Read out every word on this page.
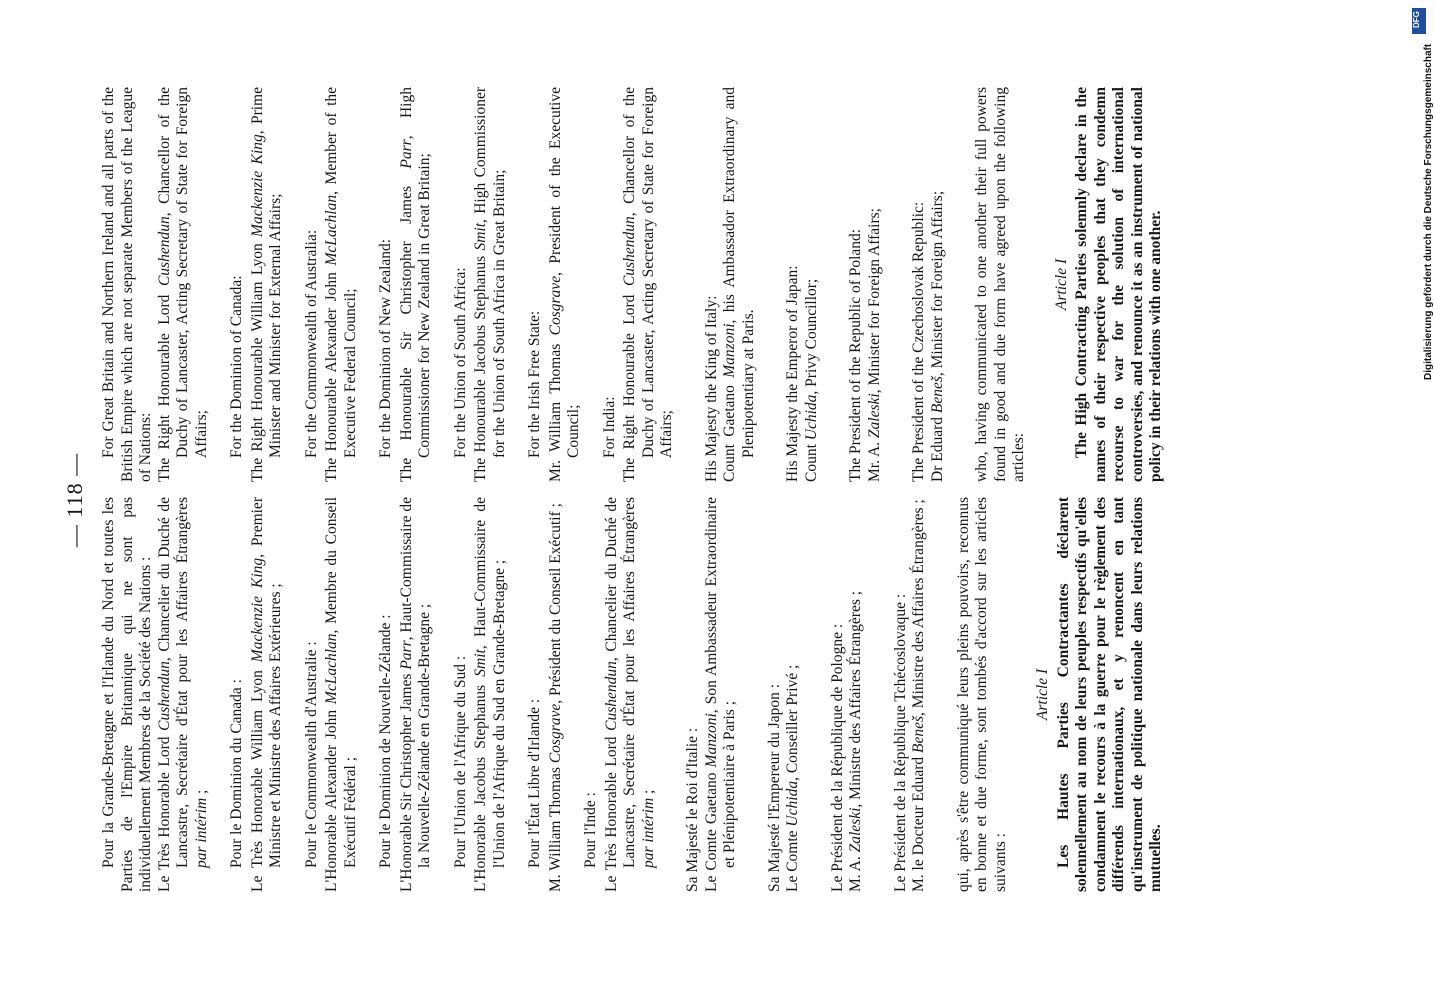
— 118 — Pour la Grande-Bretagne et l'Irlande du Nord et toutes les Parties de l'Empire Britannique qui ne sont pas individuellement Membres de la Société des Nations : Le Très Honorable Lord Cushendun, Chancelier du Duché de Lancastre, Secrétaire d'État pour les Affaires Étrangères par intérim ; Pour le Dominion du Canada : Le Très Honorable William Lyon Mackenzie King, Premier Ministre et Ministre des Affaires Extérieures ; Pour le Commonwealth d'Australie : L'Honorable Alexander John McLachlan, Membre du Conseil Exécutif Fédéral ; Pour le Dominion de Nouvelle-Zélande : L'Honorable Sir Christopher James Parr, Haut-Commissaire de la Nouvelle-Zélande en Grande-Bretagne ; Pour l'Union de l'Afrique du Sud : L'Honorable Jacobus Stephanus Smit, Haut-Commissaire de l'Union de l'Afrique du Sud en Grande-Bretagne ; Pour l'État Libre d'Irlande : M. William Thomas Cosgrave, Président du Conseil Exécutif ;

Pour l'Inde : Le Très Honorable Lord Cushendun, Chancelier du Duché de Lancastre, Secrétaire d'État pour les Affaires Étrangères par intérim ; Sa Majesté le Roi d'Italie : Le Comte Gaetano Manzoni, Son Ambassadeur Extraordinaire et Plénipotentiaire à Paris ; Sa Majesté l'Empereur du Japon : Le Comte Uchida, Conseiller Privé ; Le Président de la République de Pologne : M. A. Zaleski, Ministre des Affaires Étrangères ; Le Président de la République Tchécoslovaque : M. le Docteur Eduard Beneš, Ministre des Affaires Étrangères ; qui, après s'être communiqué leurs pleins pouvoirs, reconnus en bonne et due forme, sont tombés d'accord sur les articles suivants :

Article I Les Hautes Parties Contractantes déclarent solennellement au nom de leurs peuples respectifs qu'elles condamnent le recours à la guerre pour le règlement des différends internationaux, et y renoncent en tant qu'instrument de politique nationale dans leurs relations mutuelles.

For Great Britain and Northern Ireland and all parts of the British Empire which are not separate Members of the League of Nations: The Right Honourable Lord Cushendun, Chancellor of the Duchy of Lancaster, Acting Secretary of State for Foreign Affairs; For the Dominion of Canada: The Right Honourable William Lyon Mackenzie King, Prime Minister and Minister for External Affairs; For the Commonwealth of Australia: The Honourable Alexander John McLachlan, Member of the Executive Federal Council; For the Dominion of New Zealand: The Honourable Sir Christopher James Parr, High Commissioner for New Zealand in Great Britain; For the Union of South Africa: The Honourable Jacobus Stephanus Smit, High Commissioner for the Union of South Africa in Great Britain; For the Irish Free State: Mr. William Thomas Cosgrave, President of the Executive Council; For India: The Right Honourable Lord Cushendun, Chancellor of the Duchy of Lancaster, Acting Secretary of State for Foreign Affairs; His Majesty the King of Italy: Count Gaetano Manzoni, his Ambassador Extraordinary and Plenipotentiary at Paris. His Majesty the Emperor of Japan: Count Uchida, Privy Councillor; The President of the Republic of Poland: Mr. A. Zaleski, Minister for Foreign Affairs; The President of the Czechoslovak Republic: Dr Eduard Beneš, Minister for Foreign Affairs; who, having communicated to one another their full powers found in good and due form have agreed upon the following articles:

Article I The High Contracting Parties solemnly declare in the names of their respective peoples that they condemn recourse to war for the solution of international controversies, and renounce it as an instrument of national policy in their relations with one another.

DFG
Digitalisierung gefördert durch die Deutsche Forschungsgemeinschaft
